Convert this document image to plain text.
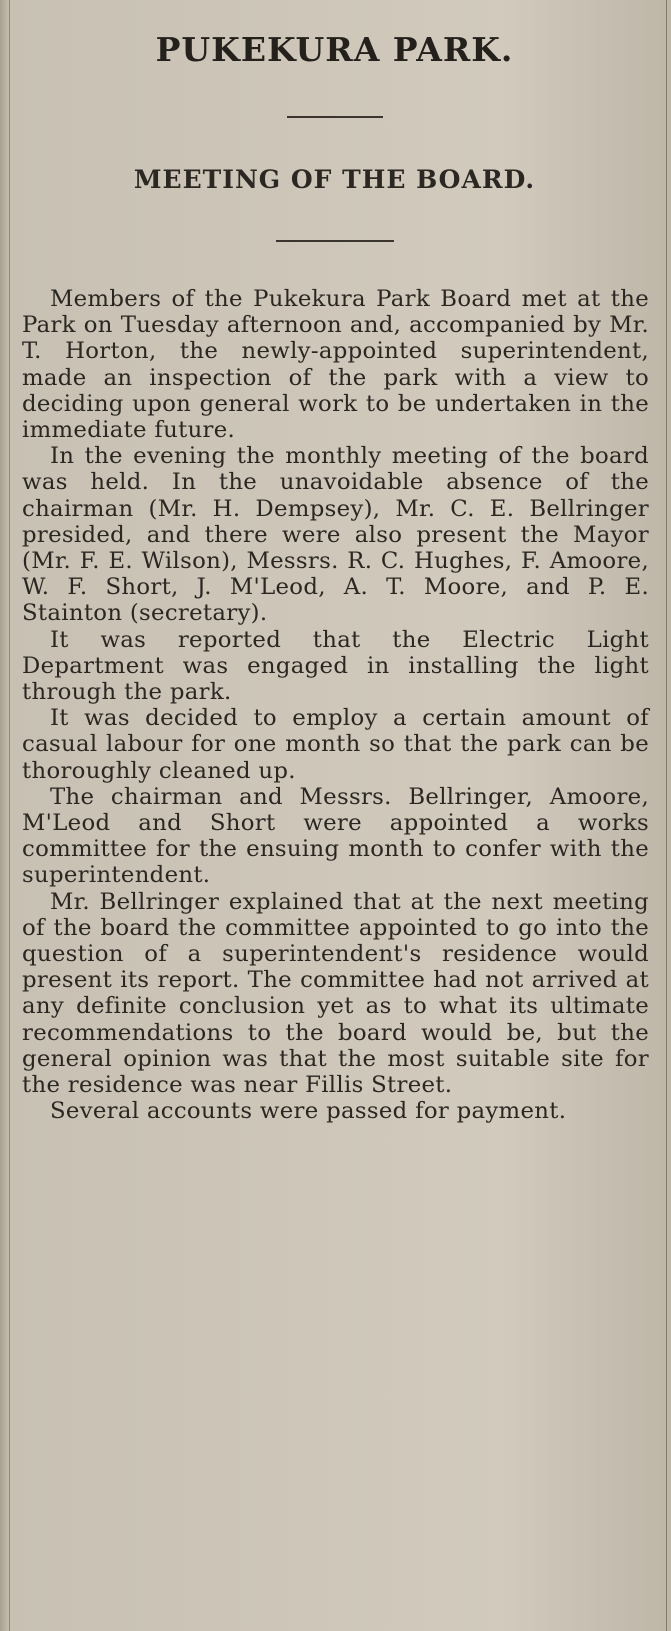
PUKEKURA PARK.
MEETING OF THE BOARD.

Members of the Pukekura Park Board met at the Park on Tuesday afternoon and, accompanied by Mr. T. Horton, the newly-appointed superintendent, made an inspection of the park with a view to deciding upon general work to be undertaken in the immediate future.

In the evening the monthly meeting of the board was held. In the unavoidable absence of the chairman (Mr. H. Dempsey), Mr. C. E. Bellringer presided, and there were also present the Mayor (Mr. F. E. Wilson), Messrs. R. C. Hughes, F. Amoore, W. F. Short, J. M'Leod, A. T. Moore, and P. E. Stainton (secretary).

It was reported that the Electric Light Department was engaged in installing the light through the park.

It was decided to employ a certain amount of casual labour for one month so that the park can be thoroughly cleaned up.

The chairman and Messrs. Bellringer, Amoore, M'Leod and Short were appointed a works committee for the ensuing month to confer with the superintendent.

Mr. Bellringer explained that at the next meeting of the board the committee appointed to go into the question of a superintendent's residence would present its report. The committee had not arrived at any definite conclusion yet as to what its ultimate recommendations to the board would be, but the general opinion was that the most suitable site for the residence was near Fillis Street.

Several accounts were passed for payment.
